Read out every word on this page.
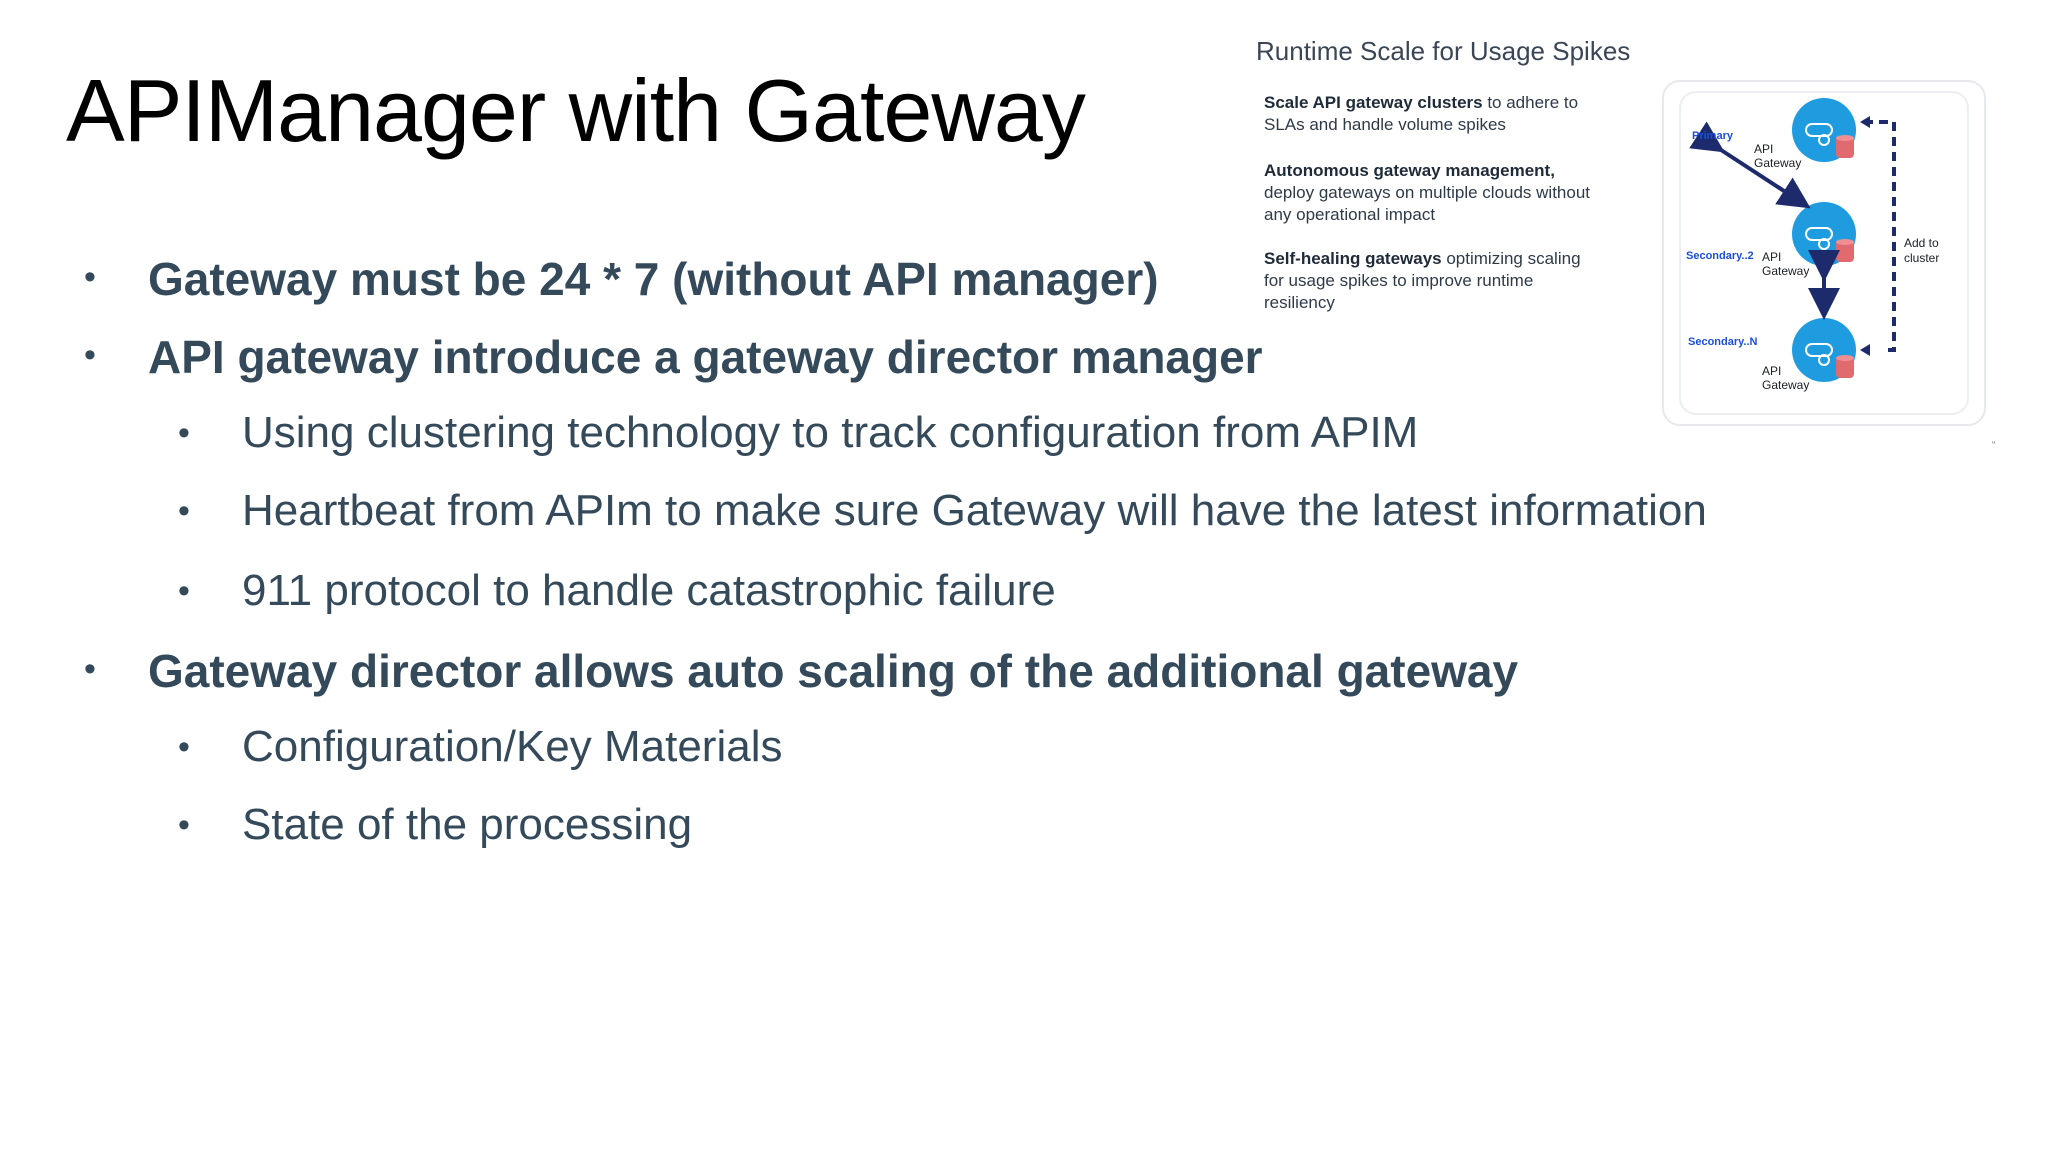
APIManager with Gateway
• Gateway must be 24 * 7 (without API manager)
• API gateway introduce a gateway director manager
• Using clustering technology to track configuration from APIM
• Heartbeat from APIm to make sure Gateway will have the latest information
• 911 protocol to handle catastrophic failure
• Gateway director allows auto scaling of the additional gateway
• Configuration/Key Materials
• State of the processing
Runtime Scale for Usage Spikes
Scale API gateway clusters to adhere to SLAs and handle volume spikes
Autonomous gateway management, deploy gateways on multiple clouds without any operational impact
Self-healing gateways optimizing scaling for usage spikes to improve runtime resiliency
Primary
API
Gateway
Secondary..2 API
Gateway
Secondary..N
API
Gateway
Add to
cluster
“
